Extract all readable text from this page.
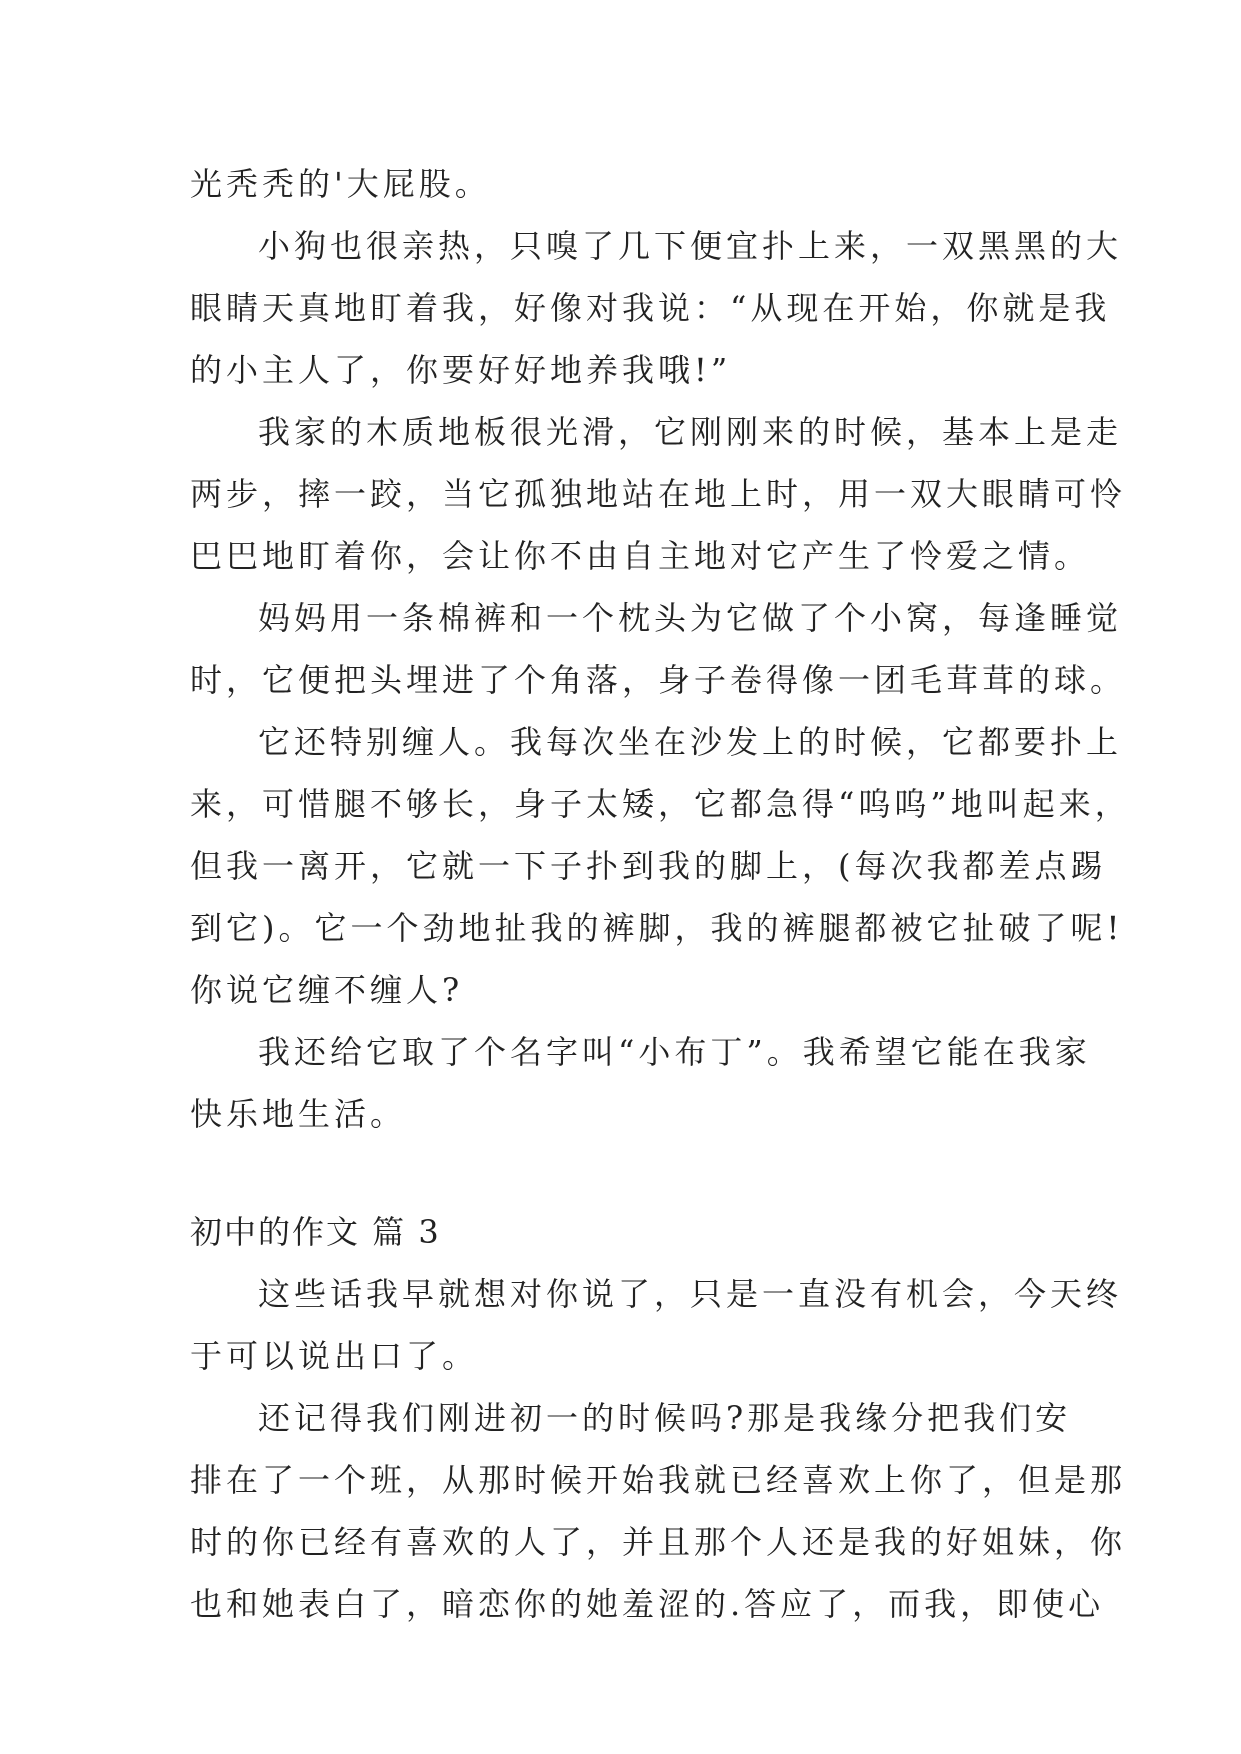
光秃秃的'大屁股。
小狗也很亲热，只嗅了几下便宜扑上来，一双黑黑的大
眼睛天真地盯着我，好像对我说：“从现在开始，你就是我
的小主人了，你要好好地养我哦!”
我家的木质地板很光滑，它刚刚来的时候，基本上是走
两步，摔一跤，当它孤独地站在地上时，用一双大眼睛可怜
巴巴地盯着你，会让你不由自主地对它产生了怜爱之情。
妈妈用一条棉裤和一个枕头为它做了个小窝，每逢睡觉
时，它便把头埋进了个角落，身子卷得像一团毛茸茸的球。
它还特别缠人。我每次坐在沙发上的时候，它都要扑上
来，可惜腿不够长，身子太矮，它都急得“呜呜”地叫起来，
但我一离开，它就一下子扑到我的脚上，(每次我都差点踢
到它)。它一个劲地扯我的裤脚，我的裤腿都被它扯破了呢!
你说它缠不缠人?
我还给它取了个名字叫“小布丁”。我希望它能在我家
快乐地生活。
初中的作文 篇 3
这些话我早就想对你说了，只是一直没有机会，今天终
于可以说出口了。
还记得我们刚进初一的时候吗?那是我缘分把我们安
排在了一个班，从那时候开始我就已经喜欢上你了，但是那
时的你已经有喜欢的人了，并且那个人还是我的好姐妹，你
也和她表白了，暗恋你的她羞涩的.答应了，而我，即使心
